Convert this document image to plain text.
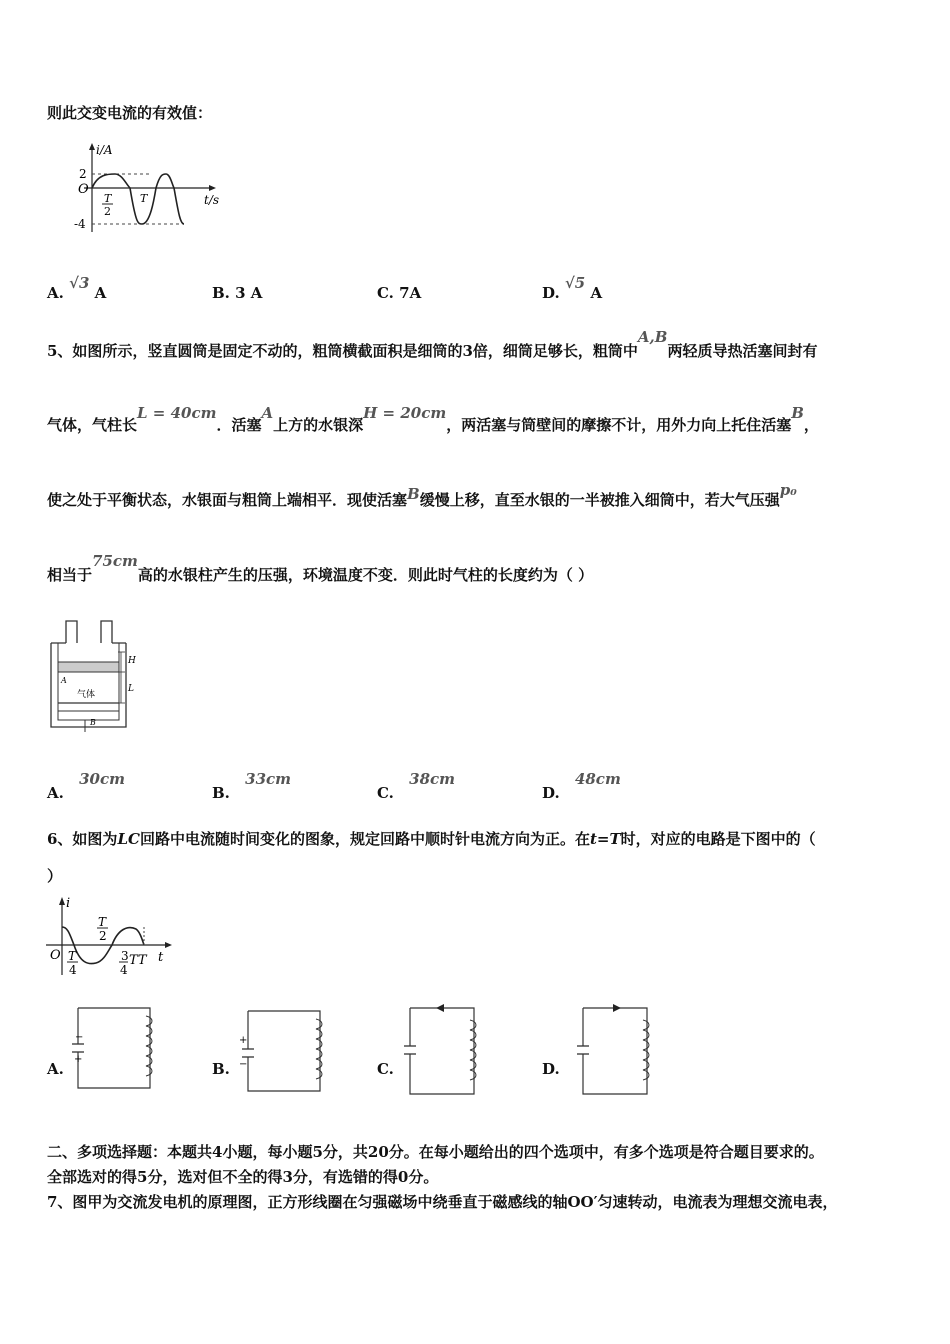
则此交变电流的有效值：
i/A
2
O
-4
T
2
T	t/s
A. √3 A	B. 3 A	C. 7A	D. √5 A
5、如图所示，竖直圆筒是固定不动的，粗筒横截面积是细筒的3倍，细筒足够长，粗筒中A,B两轻质导热活塞间封有
气体，气柱长L = 40cm．活塞A上方的水银深H = 20cm，两活塞与筒壁间的摩擦不计，用外力向上托住活塞B，
使之处于平衡状态，水银面与粗筒上端相平．现使活塞B缓慢上移，直至水银的一半被推入细筒中，若大气压强p₀
相当于75cm高的水银柱产生的压强，环境温度不变．则此时气柱的长度约为（ ）
H
L
A
气体
B
A. 30cm
B. 33cm
C. 38cm
D. 48cm
6、如图为LC回路中电流随时间变化的图象，规定回路中顺时针电流方向为正。在t=T时，对应的电路是下图中的（
）
i
O T
4
T
2
3
4
TT t
A.	B.	C.	D.
−
+
+
−
二、多项选择题：本题共4小题，每小题5分，共20分。在每小题给出的四个选项中，有多个选项是符合题目要求的。
全部选对的得5分，选对但不全的得3分，有选错的得0分。
7、图甲为交流发电机的原理图，正方形线圈在匀强磁场中绕垂直于磁感线的轴OO′匀速转动，电流表为理想交流电表，
